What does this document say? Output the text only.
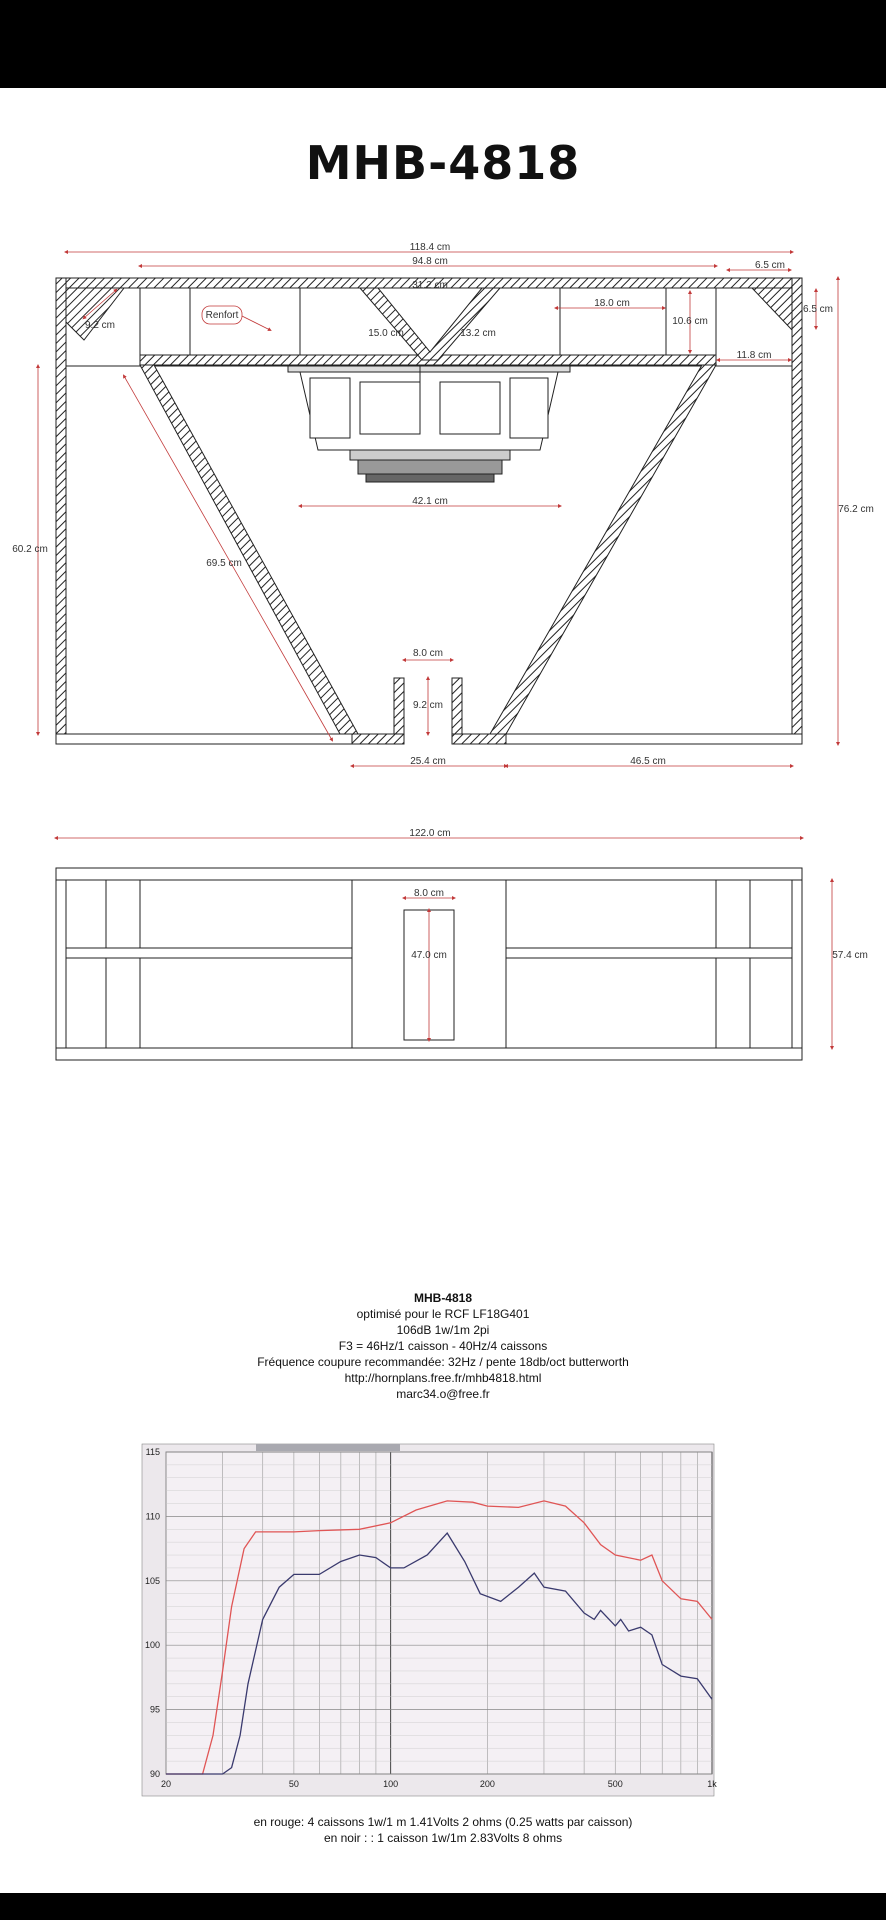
MHB-4818
118.4 cm
94.8 cm
31.2 cm
6.5 cm
6.5 cm
9.2 cm
Renfort
15.0 cm	13.2 cm
18.0 cm
10.6 cm
11.8 cm
42.1 cm
60.2 cm
76.2 cm
69.5 cm
8.0 cm
9.2 cm
25.4 cm	46.5 cm
122.0 cm
8.0 cm
47.0 cm	57.4 cm
MHB-4818
optimisé pour le RCF LF18G401
106dB 1w/1m 2pi
F3 = 46Hz/1 caisson - 40Hz/4 caissons
Fréquence coupure recommandée: 32Hz / pente 18db/oct butterworth
http://hornplans.free.fr/mhb4818.html
marc34.o@free.fr
115
110
105
100
95
90
20	50	100	200	500	1k
en rouge: 4 caissons 1w/1 m 1.41Volts 2 ohms (0.25 watts par caisson)
en noir : : 1 caisson 1w/1m 2.83Volts 8 ohms
